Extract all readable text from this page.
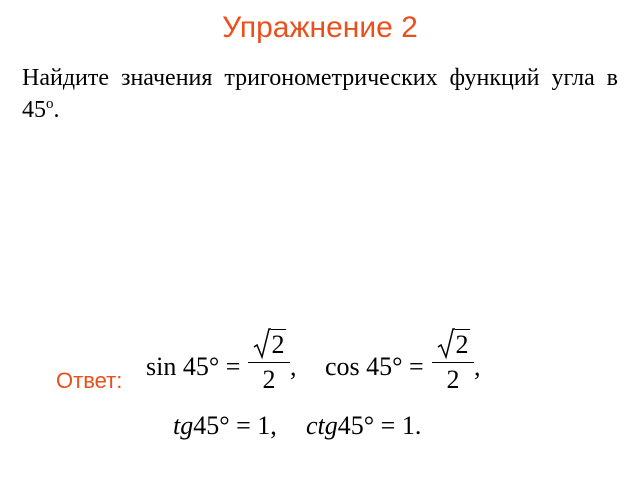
Упражнение 2
Найдите значения тригонометрических функций угла в 45$^o$.
Ответ: sin 45° =
2
2 , cos 45° =
2
2 ,
tg45° = 1, ctg45° = 1.
